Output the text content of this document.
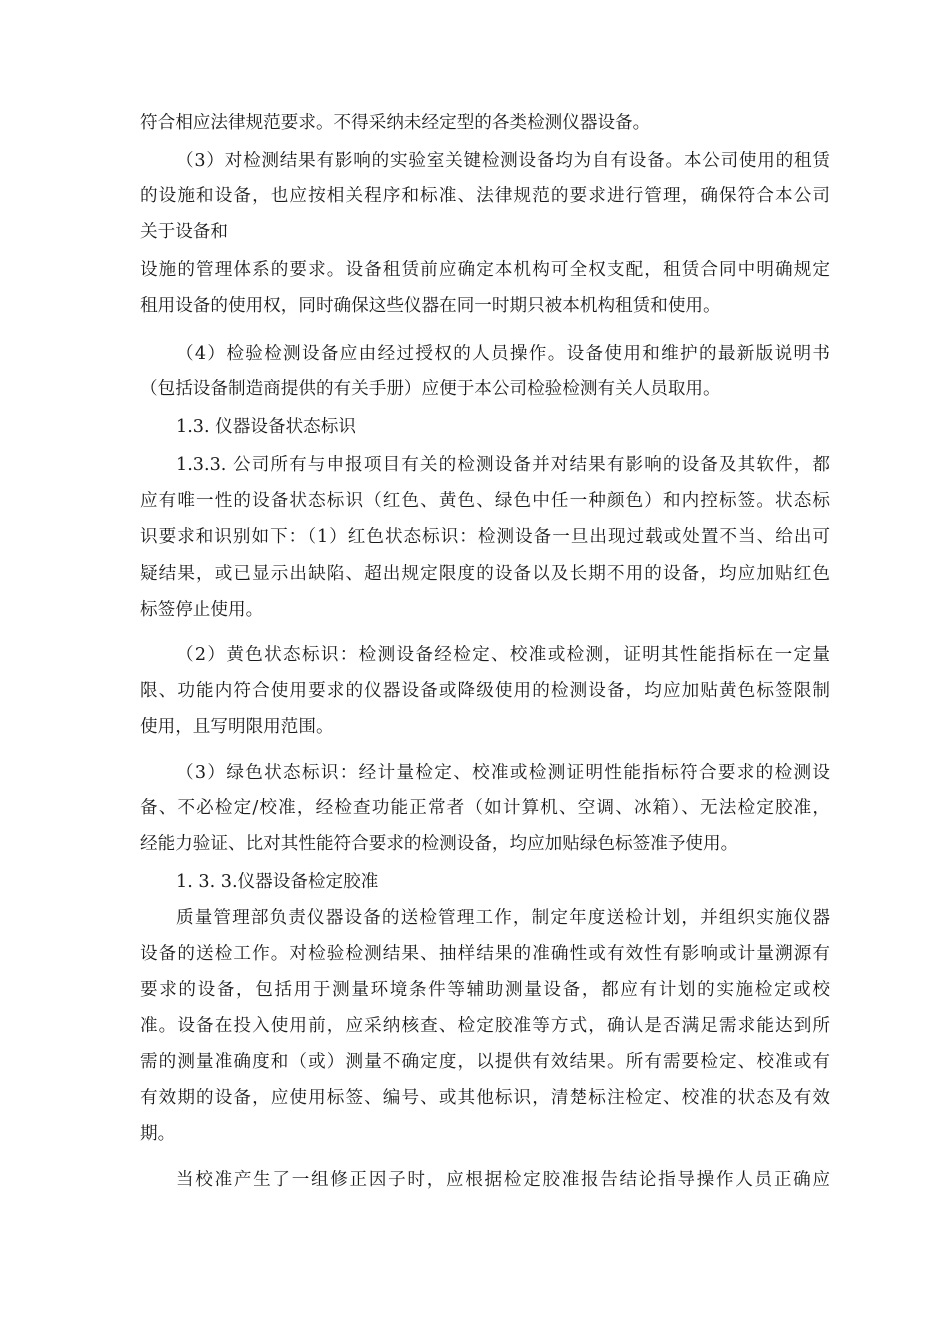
符合相应法律规范要求。不得采纳未经定型的各类检测仪器设备。
（3）对检测结果有影响的实验室关键检测设备均为自有设备。本公司使用的租赁
的设施和设备，也应按相关程序和标准、法律规范的要求进行管理，确保符合本公司
关于设备和
设施的管理体系的要求。设备租赁前应确定本机构可全权支配，租赁合同中明确规定
租用设备的使用权，同时确保这些仪器在同一时期只被本机构租赁和使用。
（4）检验检测设备应由经过授权的人员操作。设备使用和维护的最新版说明书
（包括设备制造商提供的有关手册）应便于本公司检验检测有关人员取用。
1.3. 仪器设备状态标识
1.3.3. 公司所有与申报项目有关的检测设备并对结果有影响的设备及其软件，都
应有唯一性的设备状态标识（红色、黄色、绿色中任一种颜色）和内控标签。状态标
识要求和识别如下：（1）红色状态标识：检测设备一旦出现过载或处置不当、给出可
疑结果，或已显示出缺陷、超出规定限度的设备以及长期不用的设备，均应加贴红色
标签停止使用。
（2）黄色状态标识：检测设备经检定、校准或检测，证明其性能指标在一定量
限、功能内符合使用要求的仪器设备或降级使用的检测设备，均应加贴黄色标签限制
使用，且写明限用范围。
（3）绿色状态标识：经计量检定、校准或检测证明性能指标符合要求的检测设
备、不必检定/校准，经检查功能正常者（如计算机、空调、冰箱）、无法检定胶准，
经能力验证、比对其性能符合要求的检测设备，均应加贴绿色标签准予使用。
1. 3. 3.仪器设备检定胶准
质量管理部负责仪器设备的送检管理工作，制定年度送检计划，并组织实施仪器
设备的送检工作。对检验检测结果、抽样结果的准确性或有效性有影响或计量溯源有
要求的设备，包括用于测量环境条件等辅助测量设备，都应有计划的实施检定或校
准。设备在投入使用前，应采纳核查、检定胶准等方式，确认是否满足需求能达到所
需的测量准确度和（或）测量不确定度，以提供有效结果。所有需要检定、校准或有
有效期的设备，应使用标签、编号、或其他标识，清楚标注检定、校准的状态及有效
期。
当校准产生了一组修正因子时，应根据检定胶准报告结论指导操作人员正确应
